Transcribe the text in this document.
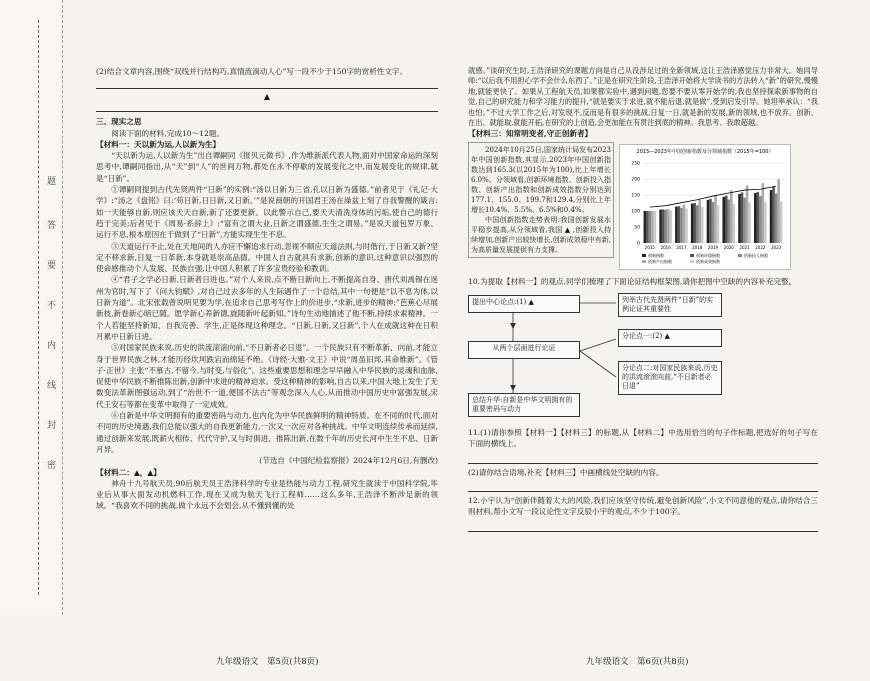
题
答
要
不
内
线
封
密

(2)结合文章内容,围绕“双线并行结构巧,真情流淌动人心”写一段不少于150字的赏析性文字。

▲

三、现实之思

阅读下面的材料,完成10～12题。

【材料一：天以新为运,人以新为生】

“天以新为运,人以新为生”出自谭嗣同《报贝元徵书》,作为维新派代表人物,面对中国家命运的深刻思考中,谭嗣同指出,从“天”到“人”的世间万物,都处在永不停歇的发展变化之中,而发展变化的规律,就是“日新”。

①谭嗣同提到古代先贤两件“日新”的实例:“汤以日新为三省,孔以日新为盛德。”前者见于《礼记·大学》:“汤之《盘铭》曰:‘苟日新,日日新,又日新。’”是说商朝的开国君王汤在澡盆上刻了自我警醒的箴言:如一天能够自新,则应该天天自新,新了还要更新。以此警示自己,要天天清洗身体的污垢,使自己的德行趋于完美;后者见于《周易·系辞上》:“富有之谓大业,日新之谓盛德,生生之谓易。”是说天道包罗万象、运行不息,根本原因在于做到了“日新”,方能实现生生不息。

③天道运行不止,处在天地间的人亦应不懈追求行动,忽视不顺应天道法则,与时偕行,于日新又新?坚定不移求新,日复一日革新,本身就是崇高品德。中国人自古就具有求新,创新的意识,这种意识以强烈的使命感推动个人发展、民族自强,让中国人积累了许多宝贵经验和教训。

④“君子之学必日新,日新者日进也。”对个人来说,点不断日新向上,不断提高自身、唐代刘禹锡在迷州为官时,写下了《问大钧赋》,对自己过去多年的人生际遇作了一个总结,其中一句便是“以不息为体,以日新为道”。北宋张载曾说明见要为学,在追求自己思考写作上的价进步,“求新,进步的精神;”芭蕉心尽展新枝,新卷新心暗已随。愿学新心养新德,旋随新叶起新知。”诗句生动地描述了他不断,持续求索精神。一个人若能坚持新知、自我完善、学生,正是体现这种理念。“日新,日新,又日新”,个人在成就这种在日积月累中日新日进。

⑤对国家民族来说,历史的洪流滚滚向前,“不日新者必日退”。一个民族只有不断革新、向前,才能立身于世界民族之林,才能历经坎坷跌宕而绵延不绝。《诗经·大雅·文王》中说“周虽旧邦,其命维新”。《管子·正世》主张“不慕古,不留今,与时变,与俗化”。这些重要思想和理念早早融入中华民族的灵魂和血脉,促使中华民族不断推陈出新,创新中求进的精神迫求。受这种精神的影响,自古以来,中国大地上发生了无数变法革新图强运动,到了“治世不一道,便国不法古”等观念深入人心,从而推动中国历史中富强发展,宋代王安石等都在变革中取得了一定成效。

⑥自新是中华文明拥有的重要密码与动力,也内化为中华民族鲜明的精神特质。在不同的时代,面对不同的历史境遇,我们总能以强大的自我更新能力,一次又一次应对各种挑战。中华文明连续传承而延续,通过创新来发展,既薪火相传、代代守护,又与时俱进、推陈出新,在数千年的历史长河中生生不息、日新月异。

(节选自《中国纪检监察报》2024年12月6日,有删改)

【材料二：▲，▲】

神舟十九号航天员,90后航天员王浩泽科学的专业是热能与动力工程,研究生就读于中国科学院,毕业后从事大面发动机燃料工作,现在又成为航天飞行工程师……这么多年,王浩泽不断涉足新的领域。“我喜欢不同的挑战,做个永远不会划会,从不懂到懂的处

九年级语文　第5页(共8页)

就感。”谈研究生时,王浩泽研究的课题方向是自己从没涉足过的全新领域,这让王浩泽感觉压力非常大。她同导师:“以后我不用担心学不会什么东西了。”正是在研究生阶段,王浩泽开始将大学读书的方法转入“新”的研究,慢慢地,就能更快了。如果从工程航天员,如果都实验中,遇到问题,您要不要从零开始学的,我也坚持探索新事物的自觉,自己的研究能力和学习能力的提升,“就是要实于求进,就不能后退,就是做”,受到启发引导。她坦率承认：“我也怕。”不过大学工作之后,对发现不,反而是有很多的挑战,日复一日,就是新的发展,新的领域,也不放弃。创新、在出、就能取,就能开拓,在研究的上创造,会更加能在有贯注到底的精神。我思考、我敢超越。

【材料三：知常明变者,守正创新者】

2024年10月25日,国家统计局发布2023年中国创新指数,其显示,2023年中国创新指数达到165.3(以2015年为100),比上年增长6.0%。分领域看,创新环境指数、创新投入指数、创新产出指数和创新成效指数分别达到177.1、155.0、199.7和129.4,分别比上年增长10.4%、5.5%、6.5%和0.4%。

中国创新指数走势表明:我国创新发展水平稳步提高,从分领域看,我国 ▲ ,创新投入持续增加,创新产出较快增长,创新成效稳中有新,为高质量发展提供有力支撑。

2015—2023年中国创新指数及分领域指数（2015年=100）
0
50
100
150
200
250
2015 2016 2017 2018 2019 2020 2021 2022 2023
创新指数	创新环境指数	创新投入指数
创新产出指数	创新成效指数

10.为提取【材料一】的观点,同学们梳理了下面论证结构框架图,请你把图中空缺的内容补充完整。

提出中心论点:(1) ▲	列举古代先贤两件“日新”的实例论证其重要性
从两个层面进行论证
分论点一:(2) ▲
分论点二:对国家民族来说,历史的洪流滚滚向前,“不日新者必日退”
总结升华:自新是中华文明拥有的重要密码与动力

11.(1)请你参照【材料一】【材料三】的标题,从【材料二】中选用恰当的句子作标题,把选好的句子写在下面的横线上。

(2)请你结合语境,补充【材料三】中画横线处空缺的内容。

12.小宇认为“创新伴随着太大的风险,我们应该坚守传统,避免创新风险”,小文不同意他的观点,请你结合三则材料,帮小文写一段议论性文字反驳小宇的观点,不少于100字。

九年级语文　第6页(共8页)
